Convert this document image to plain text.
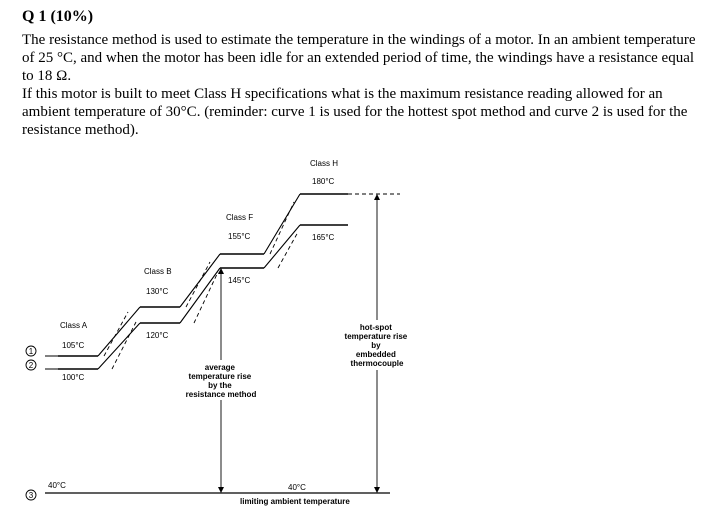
Q 1 (10%)

The resistance method is used to estimate the temperature in the windings of a motor. In an ambient temperature of 25 °C, and when the motor has been idle for an extended period of time, the windings have a resistance equal to 18 Ω.

If this motor is built to meet Class H specifications what is the maximum resistance reading allowed for an ambient temperature of 30°C. (reminder: curve 1 is used for the hottest spot method and curve 2 is used for the resistance method).

Class A
105°C
100°C
Class B
130°C
120°C
Class F
155°C
145°C
Class H
180°C
165°C
average temperature rise by the resistance method
hot-spot temperature rise by embedded thermocouple
40°C	40°C
limiting ambient temperature
1
2
3
